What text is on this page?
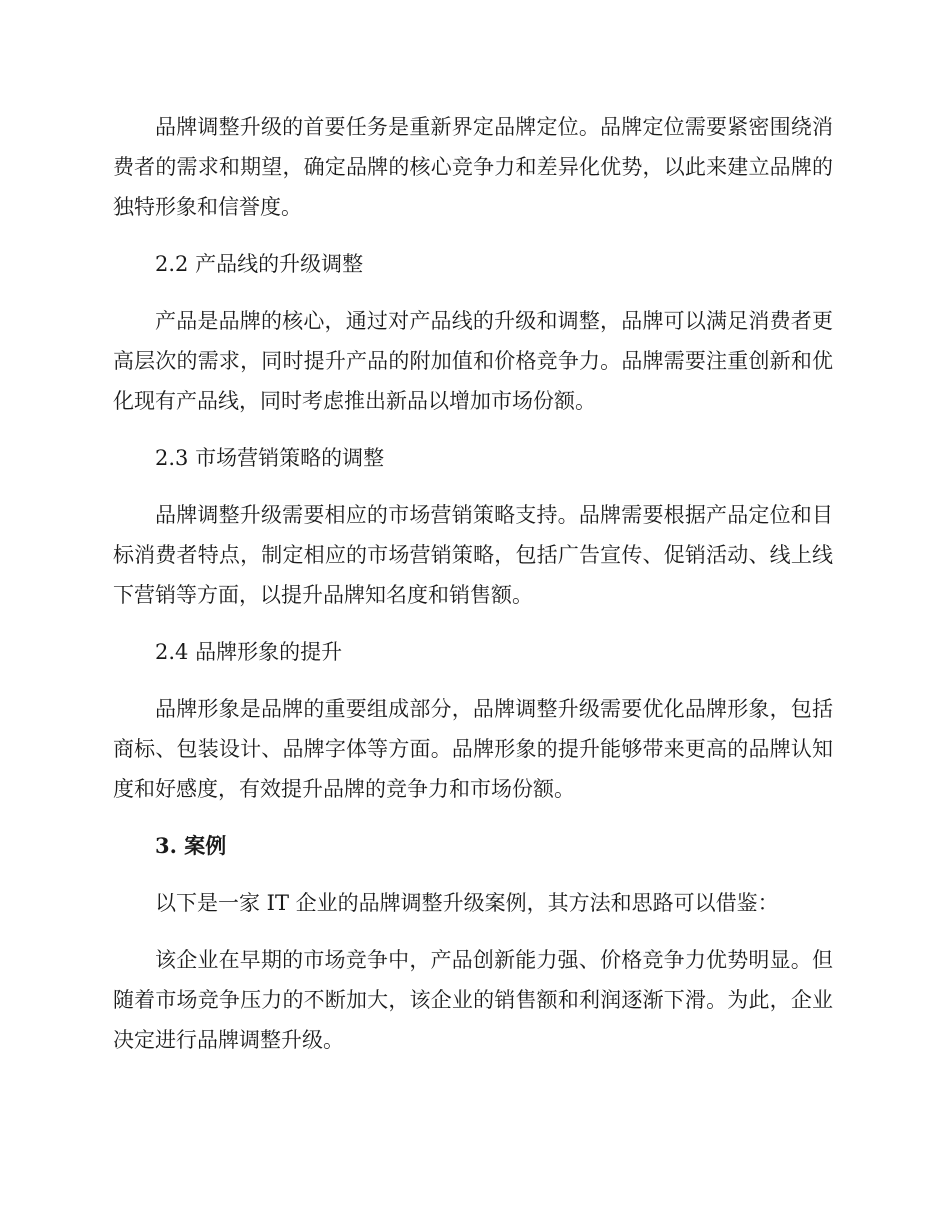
品牌调整升级的首要任务是重新界定品牌定位。品牌定位需要紧密围绕消费者的需求和期望，确定品牌的核心竞争力和差异化优势，以此来建立品牌的独特形象和信誉度。

2.2 产品线的升级调整

产品是品牌的核心，通过对产品线的升级和调整，品牌可以满足消费者更高层次的需求，同时提升产品的附加值和价格竞争力。品牌需要注重创新和优化现有产品线，同时考虑推出新品以增加市场份额。

2.3 市场营销策略的调整

品牌调整升级需要相应的市场营销策略支持。品牌需要根据产品定位和目标消费者特点，制定相应的市场营销策略，包括广告宣传、促销活动、线上线下营销等方面，以提升品牌知名度和销售额。

2.4 品牌形象的提升

品牌形象是品牌的重要组成部分，品牌调整升级需要优化品牌形象，包括商标、包装设计、品牌字体等方面。品牌形象的提升能够带来更高的品牌认知度和好感度，有效提升品牌的竞争力和市场份额。

3. 案例

以下是一家 IT 企业的品牌调整升级案例，其方法和思路可以借鉴：

该企业在早期的市场竞争中，产品创新能力强、价格竞争力优势明显。但随着市场竞争压力的不断加大，该企业的销售额和利润逐渐下滑。为此，企业决定进行品牌调整升级。
